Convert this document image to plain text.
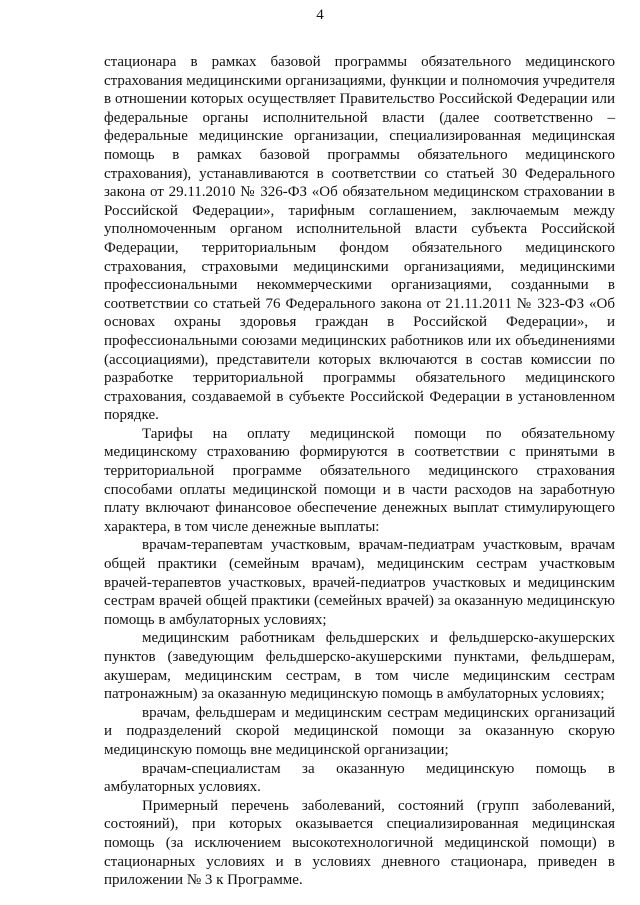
4

стационара в рамках базовой программы обязательного медицинского страхования медицинскими организациями, функции и полномочия учредителя в отношении которых осуществляет Правительство Российской Федерации или федеральные органы исполнительной власти (далее соответственно – федеральные медицинские организации, специализированная медицинская помощь в рамках базовой программы обязательного медицинского страхования), устанавливаются в соответствии со статьей 30 Федерального закона от 29.11.2010 № 326-ФЗ «Об обязательном медицинском страховании в Российской Федерации», тарифным соглашением, заключаемым между уполномоченным органом исполнительной власти субъекта Российской Федерации, территориальным фондом обязательного медицинского страхования, страховыми медицинскими организациями, медицинскими профессиональными некоммерческими организациями, созданными в соответствии со статьей 76 Федерального закона от 21.11.2011 № 323-ФЗ «Об основах охраны здоровья граждан в Российской Федерации», и профессиональными союзами медицинских работников или их объединениями (ассоциациями), представители которых включаются в состав комиссии по разработке территориальной программы обязательного медицинского страхования, создаваемой в субъекте Российской Федерации в установленном порядке.

Тарифы на оплату медицинской помощи по обязательному медицинскому страхованию формируются в соответствии с принятыми в территориальной программе обязательного медицинского страхования способами оплаты медицинской помощи и в части расходов на заработную плату включают финансовое обеспечение денежных выплат стимулирующего характера, в том числе денежные выплаты:

врачам-терапевтам участковым, врачам-педиатрам участковым, врачам общей практики (семейным врачам), медицинским сестрам участковым врачей-терапевтов участковых, врачей-педиатров участковых и медицинским сестрам врачей общей практики (семейных врачей) за оказанную медицинскую помощь в амбулаторных условиях;

медицинским работникам фельдшерских и фельдшерско-акушерских пунктов (заведующим фельдшерско-акушерскими пунктами, фельдшерам, акушерам, медицинским сестрам, в том числе медицинским сестрам патронажным) за оказанную медицинскую помощь в амбулаторных условиях;

врачам, фельдшерам и медицинским сестрам медицинских организаций и подразделений скорой медицинской помощи за оказанную скорую медицинскую помощь вне медицинской организации;

врачам-специалистам за оказанную медицинскую помощь в амбулаторных условиях.

Примерный перечень заболеваний, состояний (групп заболеваний, состояний), при которых оказывается специализированная медицинская помощь (за исключением высокотехнологичной медицинской помощи) в стационарных условиях и в условиях дневного стационара, приведен в приложении № 3 к Программе.
